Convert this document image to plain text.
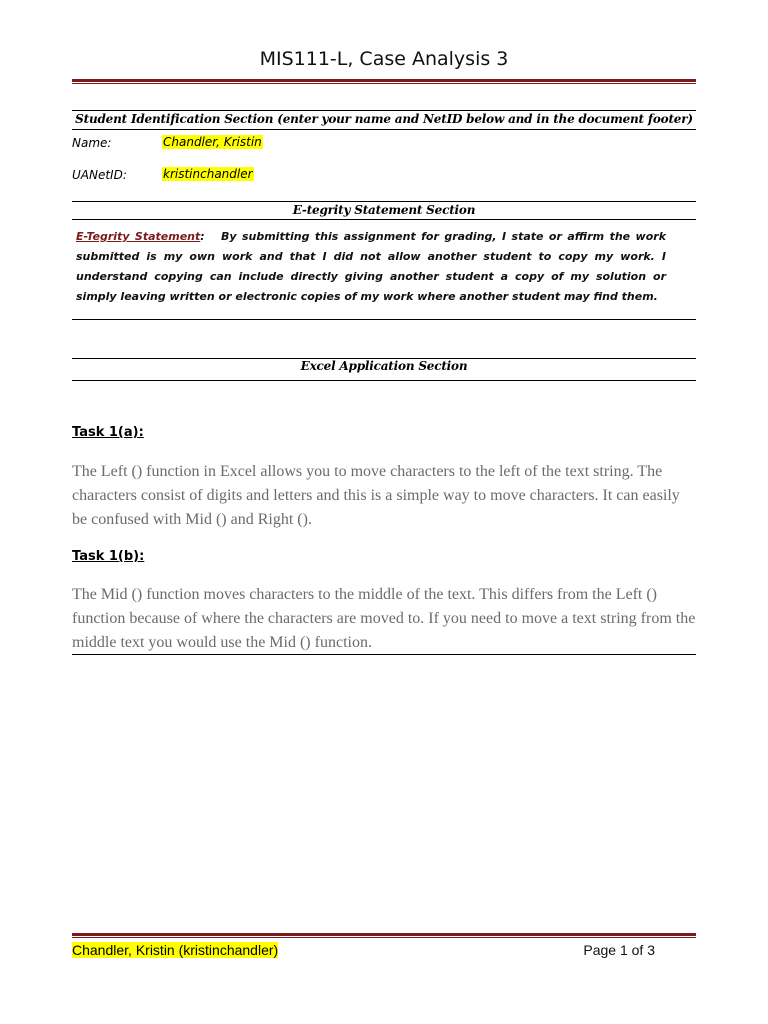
MIS111-L, Case Analysis 3
Student Identification Section (enter your name and NetID below and in the document footer)
Name:	Chandler, Kristin
UANetID:	kristinchandler
E-tegrity Statement Section
E-Tegrity Statement: By submitting this assignment for grading, I state or affirm the work submitted is my own work and that I did not allow another student to copy my work. I understand copying can include directly giving another student a copy of my solution or simply leaving written or electronic copies of my work where another student may find them.
Excel Application Section
Task 1(a):
The Left () function in Excel allows you to move characters to the left of the text string. The characters consist of digits and letters and this is a simple way to move characters. It can easily be confused with Mid () and Right ().
Task 1(b):
The Mid () function moves characters to the middle of the text. This differs from the Left () function because of where the characters are moved to. If you need to move a text string from the middle text you would use the Mid () function.
Chandler, Kristin (kristinchandler)	Page 1 of 3
